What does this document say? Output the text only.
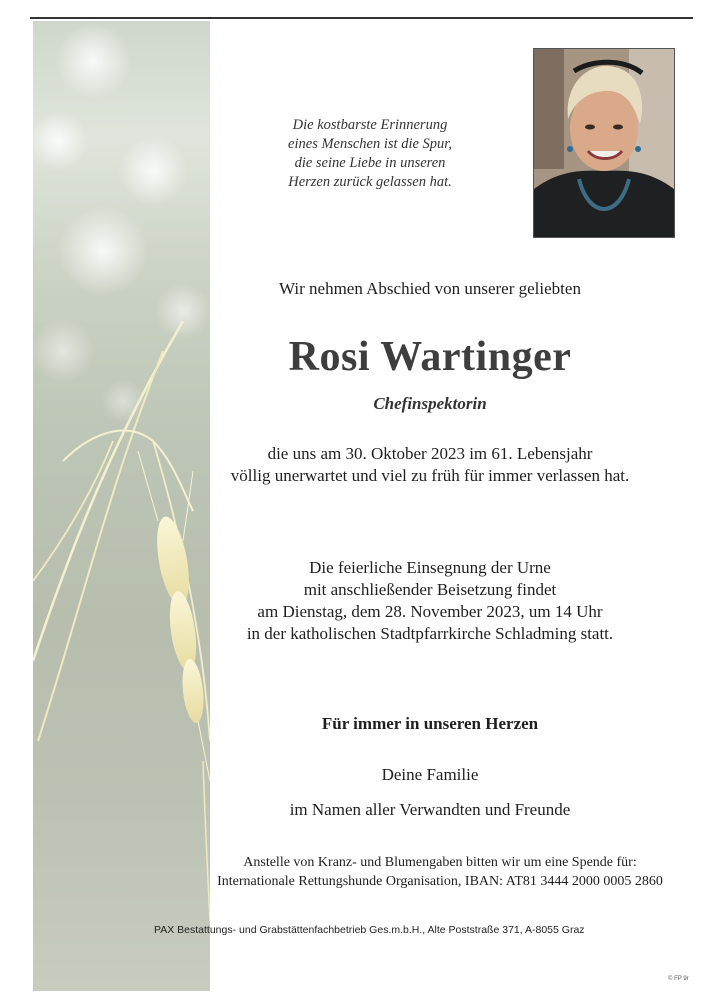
Die kostbarste Erinnerung
eines Menschen ist die Spur,
die seine Liebe in unseren
Herzen zurück gelassen hat.
Wir nehmen Abschied von unserer geliebten
Rosi Wartinger
Chefinspektorin
die uns am 30. Oktober 2023 im 61. Lebensjahr
völlig unerwartet und viel zu früh für immer verlassen hat.
Die feierliche Einsegnung der Urne
mit anschließender Beisetzung findet
am Dienstag, dem 28. November 2023, um 14 Uhr
in der katholischen Stadtpfarrkirche Schladming statt.
Für immer in unseren Herzen
Deine Familie
im Namen aller Verwandten und Freunde
Anstelle von Kranz- und Blumengaben bitten wir um eine Spende für:
Internationale Rettungshunde Organisation, IBAN: AT81 3444 2000 0005 2860
PAX Bestattungs- und Grabstättenfachbetrieb Ges.m.b.H., Alte Poststraße 371, A-8055 Graz
© FP 9r
